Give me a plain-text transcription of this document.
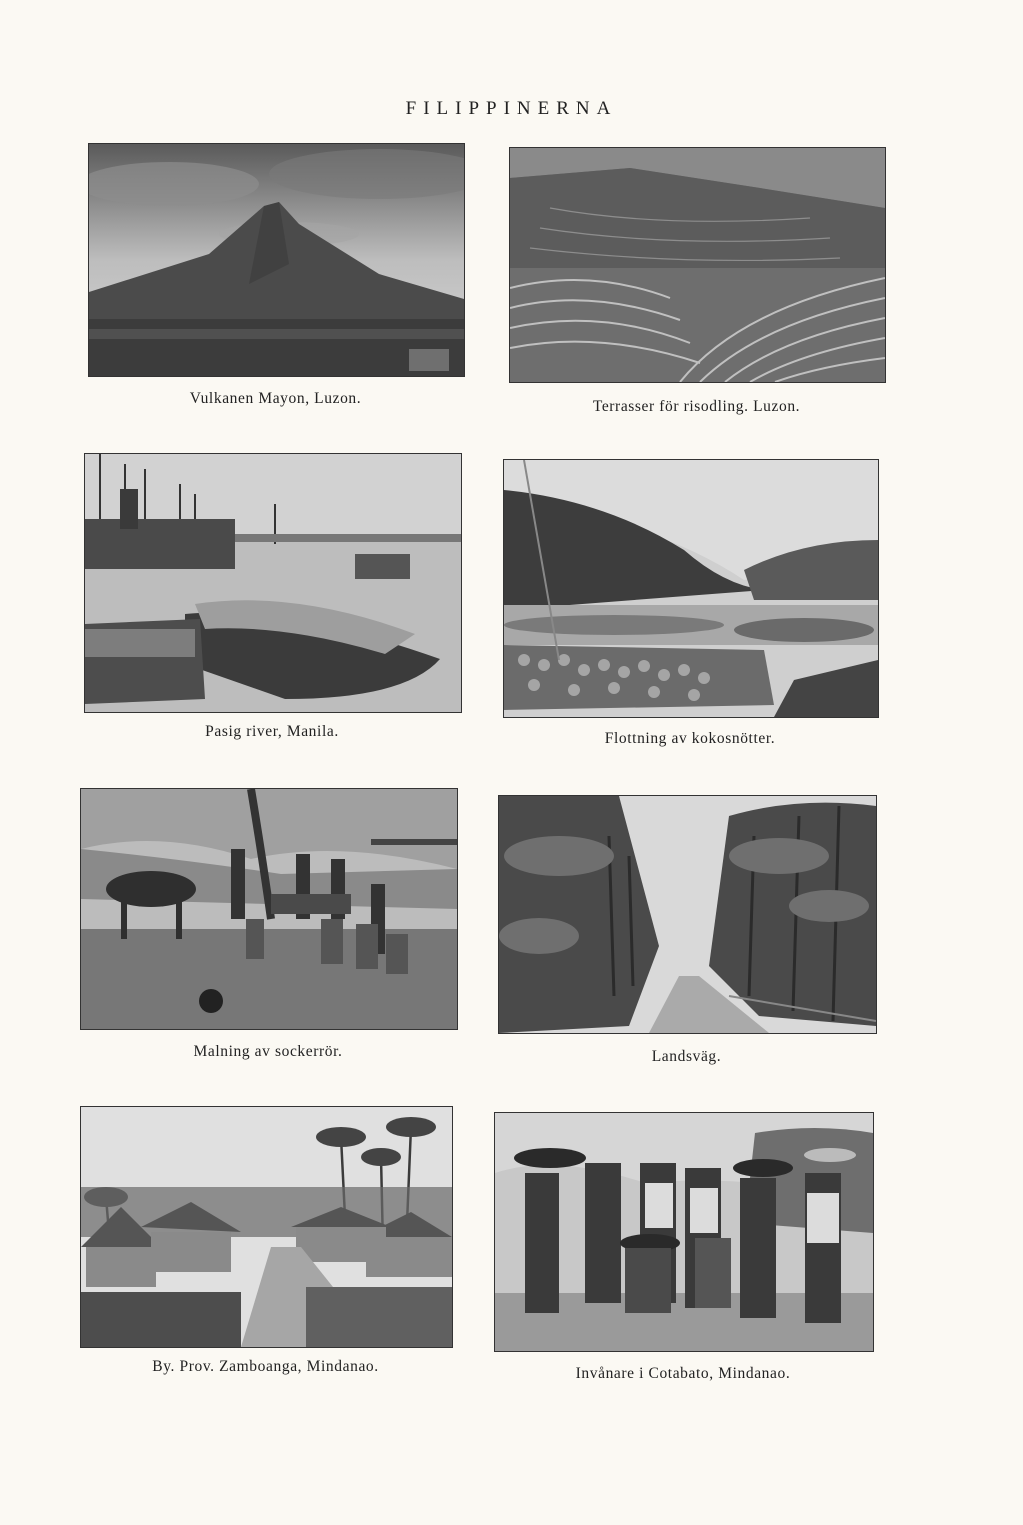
FILIPPINERNA
Vulkanen Mayon, Luzon.	Terrasser för risodling. Luzon.
Pasig river, Manila.	Flottning av kokosnötter.
Malning av sockerrör.	Landsväg.
By. Prov. Zamboanga, Mindanao.	Invånare i Cotabato, Mindanao.
